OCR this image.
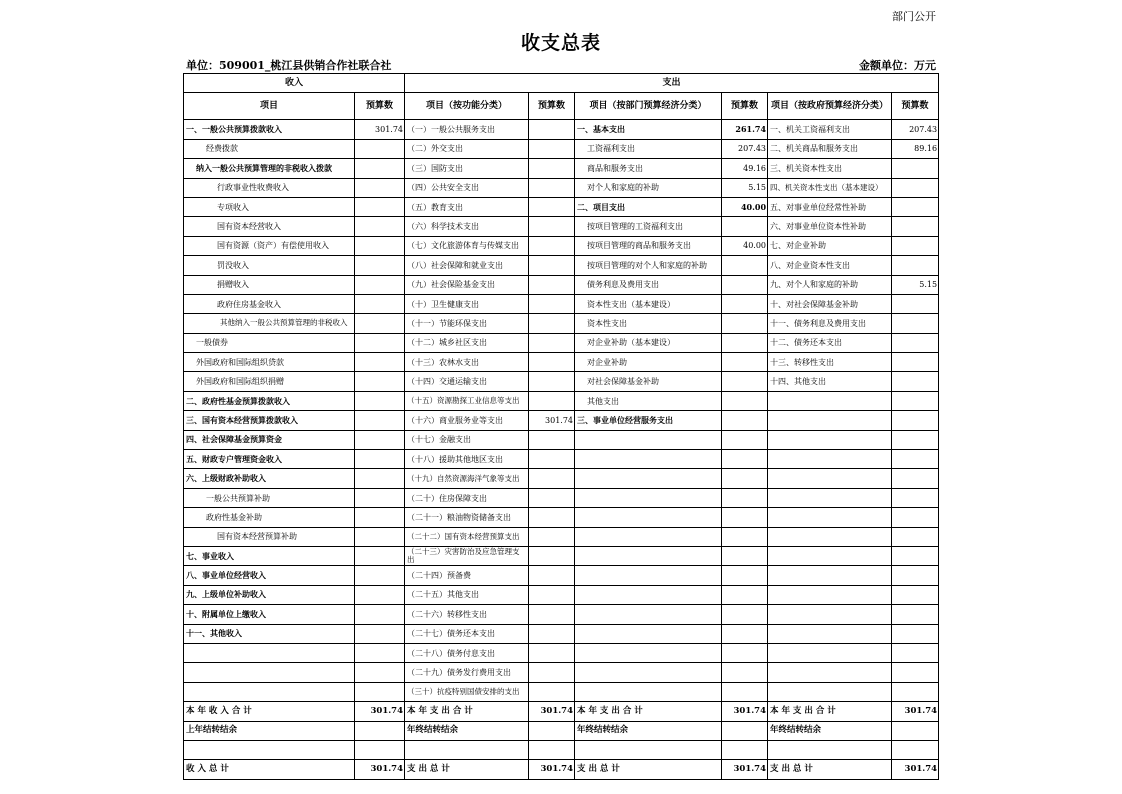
部门公开
收支总表
单位：509001_桃江县供销合作社联合社	金额单位：万元
收入		支出					
项目	预算数	项目（按功能分类）	预算数	项目（按部门预算经济分类）	预算数	项目（按政府预算经济分类）	预算数
一、一般公共预算拨款收入	301.74	（一）一般公共服务支出		一、基本支出	261.74	一、机关工资福利支出	207.43
经费拨款		（二）外交支出		工资福利支出	207.43	二、机关商品和服务支出	89.16
纳入一般公共预算管理的非税收入拨款		（三）国防支出		商品和服务支出	49.16	三、机关资本性支出	
行政事业性收费收入		（四）公共安全支出		对个人和家庭的补助	5.15	四、机关资本性支出（基本建设）	
专项收入		（五）教育支出		二、项目支出	40.00	五、对事业单位经常性补助	
国有资本经营收入		（六）科学技术支出		按项目管理的工资福利支出		六、对事业单位资本性补助	
国有资源（资产）有偿使用收入		（七）文化旅游体育与传媒支出		按项目管理的商品和服务支出	40.00	七、对企业补助	
罚没收入		（八）社会保障和就业支出		按项目管理的对个人和家庭的补助		八、对企业资本性支出	
捐赠收入		（九）社会保险基金支出		债务利息及费用支出		九、对个人和家庭的补助	5.15
政府住房基金收入		（十）卫生健康支出		资本性支出（基本建设）		十、对社会保障基金补助	
其他纳入一般公共预算管理的非税收入		（十一）节能环保支出		资本性支出		十一、债务利息及费用支出	
一般债券		（十二）城乡社区支出		对企业补助（基本建设）		十二、债务还本支出	
外国政府和国际组织贷款		（十三）农林水支出		对企业补助		十三、转移性支出	
外国政府和国际组织捐赠		（十四）交通运输支出		对社会保障基金补助		十四、其他支出	
二、政府性基金预算拨款收入		（十五）资源勘探工业信息等支出		其他支出			
三、国有资本经营预算拨款收入		（十六）商业服务业等支出	301.74	三、事业单位经营服务支出			
四、社会保障基金预算资金		（十七）金融支出					
五、财政专户管理资金收入		（十八）援助其他地区支出					
六、上级财政补助收入		（十九）自然资源海洋气象等支出					
一般公共预算补助		（二十）住房保障支出					
政府性基金补助		（二十一）粮油物资储备支出					
国有资本经营预算补助		（二十二）国有资本经营预算支出					
七、事业收入		（二十三）灾害防治及应急管理支出					
八、事业单位经营收入		（二十四）预备费					
九、上级单位补助收入		（二十五）其他支出					
十、附属单位上缴收入		（二十六）转移性支出					
十一、其他收入		（二十七）债务还本支出					
		（二十八）债务付息支出					
		（二十九）债务发行费用支出					
		（三十）抗疫特别国债安排的支出					
本 年 收 入 合 计	301.74	本 年 支 出 合 计	301.74	本 年 支 出 合 计	301.74	本 年 支 出 合 计	301.74
上年结转结余		年终结转结余		年终结转结余		年终结转结余	

收 入 总 计	301.74	支 出 总 计	301.74	支 出 总 计	301.74	支 出 总 计	301.74
